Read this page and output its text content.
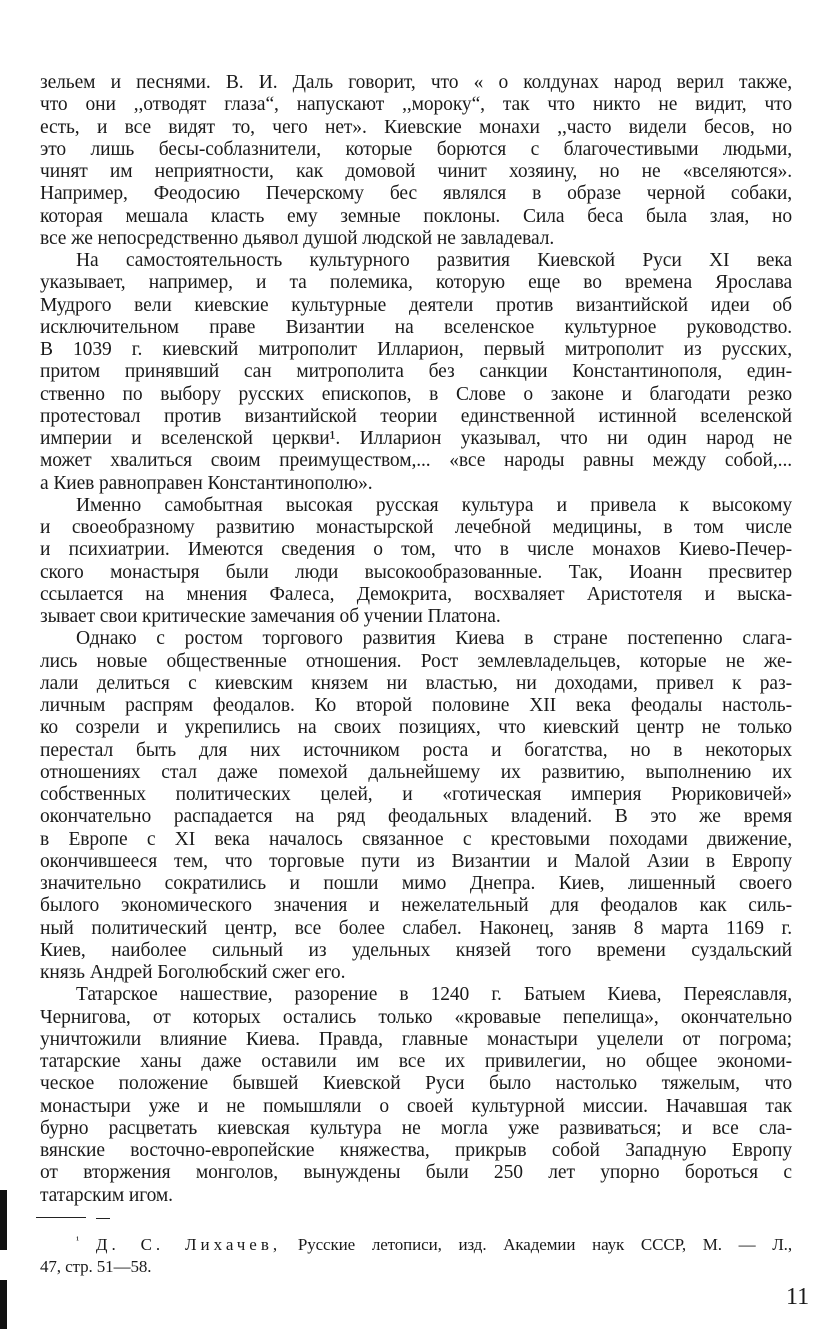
зельем и песнями. В. И. Даль говорит, что « о колдунах народ верил также,
что они ,,отводят глаза“, напускают ,,мороку“, так что никто не видит, что
есть, и все видят то, чего нет». Киевские монахи ,,часто видели бесов, но
это лишь бесы-соблазнители, которые борются с благочестивыми людьми,
чинят им неприятности, как домовой чинит хозяину, но не «вселяются».
Например, Феодосию Печерскому бес являлся в образе черной собаки,
которая мешала класть ему земные поклоны. Сила беса была злая, но
все же непосредственно дьявол душой людской не завладевал.
На самостоятельность культурного развития Киевской Руси XI века
указывает, например, и та полемика, которую еще во времена Ярослава
Мудрого вели киевские культурные деятели против византийской идеи об
исключительном праве Византии на вселенское культурное руководство.
В 1039 г. киевский митрополит Илларион, первый митрополит из русских,
притом принявший сан митрополита без санкции Константинополя, един-
ственно по выбору русских епископов, в Слове о законе и благодати резко
протестовал против византийской теории единственной истинной вселенской
империи и вселенской церкви¹. Илларион указывал, что ни один народ не
может хвалиться своим преимуществом,... «все народы равны между собой,...
а Киев равноправен Константинополю».
Именно самобытная высокая русская культура и привела к высокому
и своеобразному развитию монастырской лечебной медицины, в том числе
и психиатрии. Имеются сведения о том, что в числе монахов Киево-Печер-
ского монастыря были люди высокообразованные. Так, Иоанн пресвитер
ссылается на мнения Фалеса, Демокрита, восхваляет Аристотеля и выска-
зывает свои критические замечания об учении Платона.
Однако с ростом торгового развития Киева в стране постепенно слага-
лись новые общественные отношения. Рост землевладельцев, которые не же-
лали делиться с киевским князем ни властью, ни доходами, привел к раз-
личным распрям феодалов. Ко второй половине XII века феодалы настоль-
ко созрели и укрепились на своих позициях, что киевский центр не только
перестал быть для них источником роста и богатства, но в некоторых
отношениях стал даже помехой дальнейшему их развитию, выполнению их
собственных политических целей, и «готическая империя Рюриковичей»
окончательно распадается на ряд феодальных владений. В это же время
в Европе с XI века началось связанное с крестовыми походами движение,
окончившееся тем, что торговые пути из Византии и Малой Азии в Европу
значительно сократились и пошли мимо Днепра. Киев, лишенный своего
былого экономического значения и нежелательный для феодалов как силь-
ный политический центр, все более слабел. Наконец, заняв 8 марта 1169 г.
Киев, наиболее сильный из удельных князей того времени суздальский
князь Андрей Боголюбский сжег его.
Татарское нашествие, разорение в 1240 г. Батыем Киева, Переяславля,
Чернигова, от которых остались только «кровавые пепелища», окончательно
уничтожили влияние Киева. Правда, главные монастыри уцелели от погрома;
татарские ханы даже оставили им все их привилегии, но общее экономи-
ческое положение бывшей Киевской Руси было настолько тяжелым, что
монастыри уже и не помышляли о своей культурной миссии. Начавшая так
бурно расцветать киевская культура не могла уже развиваться; и все сла-
вянские восточно-европейские княжества, прикрыв собой Западную Европу
от вторжения монголов, вынуждены были 250 лет упорно бороться с
татарским игом.
$^{^1}$ Д. С. Лихачев, Русские летописи, изд. Академии наук СССР, М. — Л.,
47, стр. 51—58.
11
